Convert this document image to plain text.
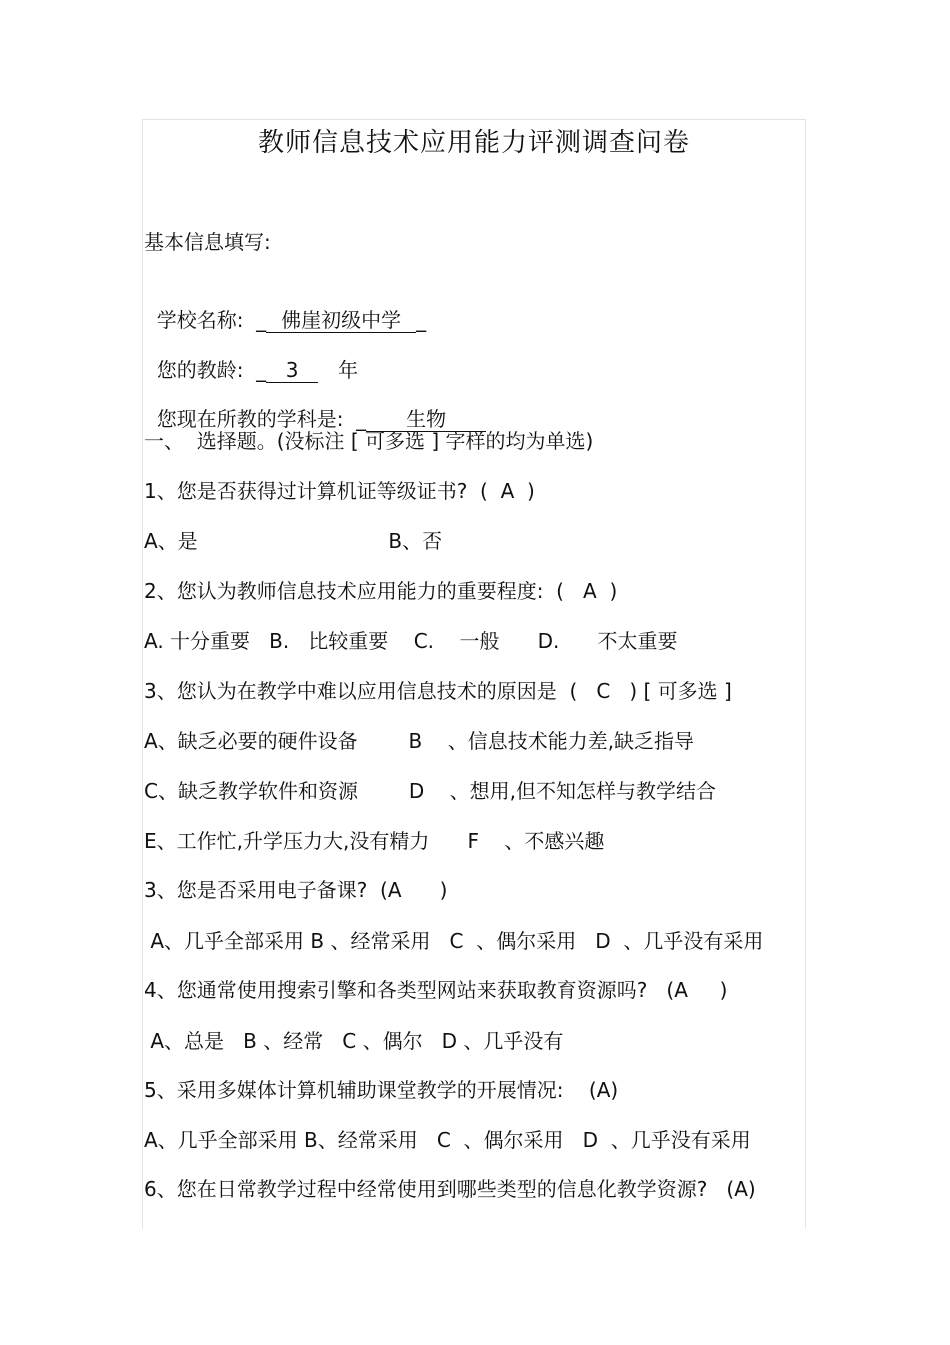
教师信息技术应用能力评测调查问卷
基本信息填写:

学校名称:  _ 佛崖初级中学 _

您的教龄:  _ 3 年

您现在所教的学科是:  _ 生物

一、  选择题。(没标注 [ 可多选 ] 字样的均为单选)
1、您是否获得过计算机证等级证书?  (  A  )
A、是                              B、否
2、您认为教师信息技术应用能力的重要程度:  (   A  )
A. 十分重要   B.   比较重要    C.    一般      D.      不太重要
3、您认为在教学中难以应用信息技术的原因是  (   C   ) [ 可多选 ]
A、缺乏必要的硬件设备        B    、信息技术能力差,缺乏指导
C、缺乏教学软件和资源        D    、想用,但不知怎样与教学结合
E、工作忙,升学压力大,没有精力      F    、不感兴趣
3、您是否采用电子备课?  (A      )
A、几乎全部采用 B 、经常采用   C  、偶尔采用   D  、几乎没有采用
4、您通常使用搜索引擎和各类型网站来获取教育资源吗?   (A     )
A、总是   B 、经常   C 、偶尔   D 、几乎没有
5、采用多媒体计算机辅助课堂教学的开展情况:    (A)
A、几乎全部采用 B、经常采用   C  、偶尔采用   D  、几乎没有采用
6、您在日常教学过程中经常使用到哪些类型的信息化教学资源?   (A)
